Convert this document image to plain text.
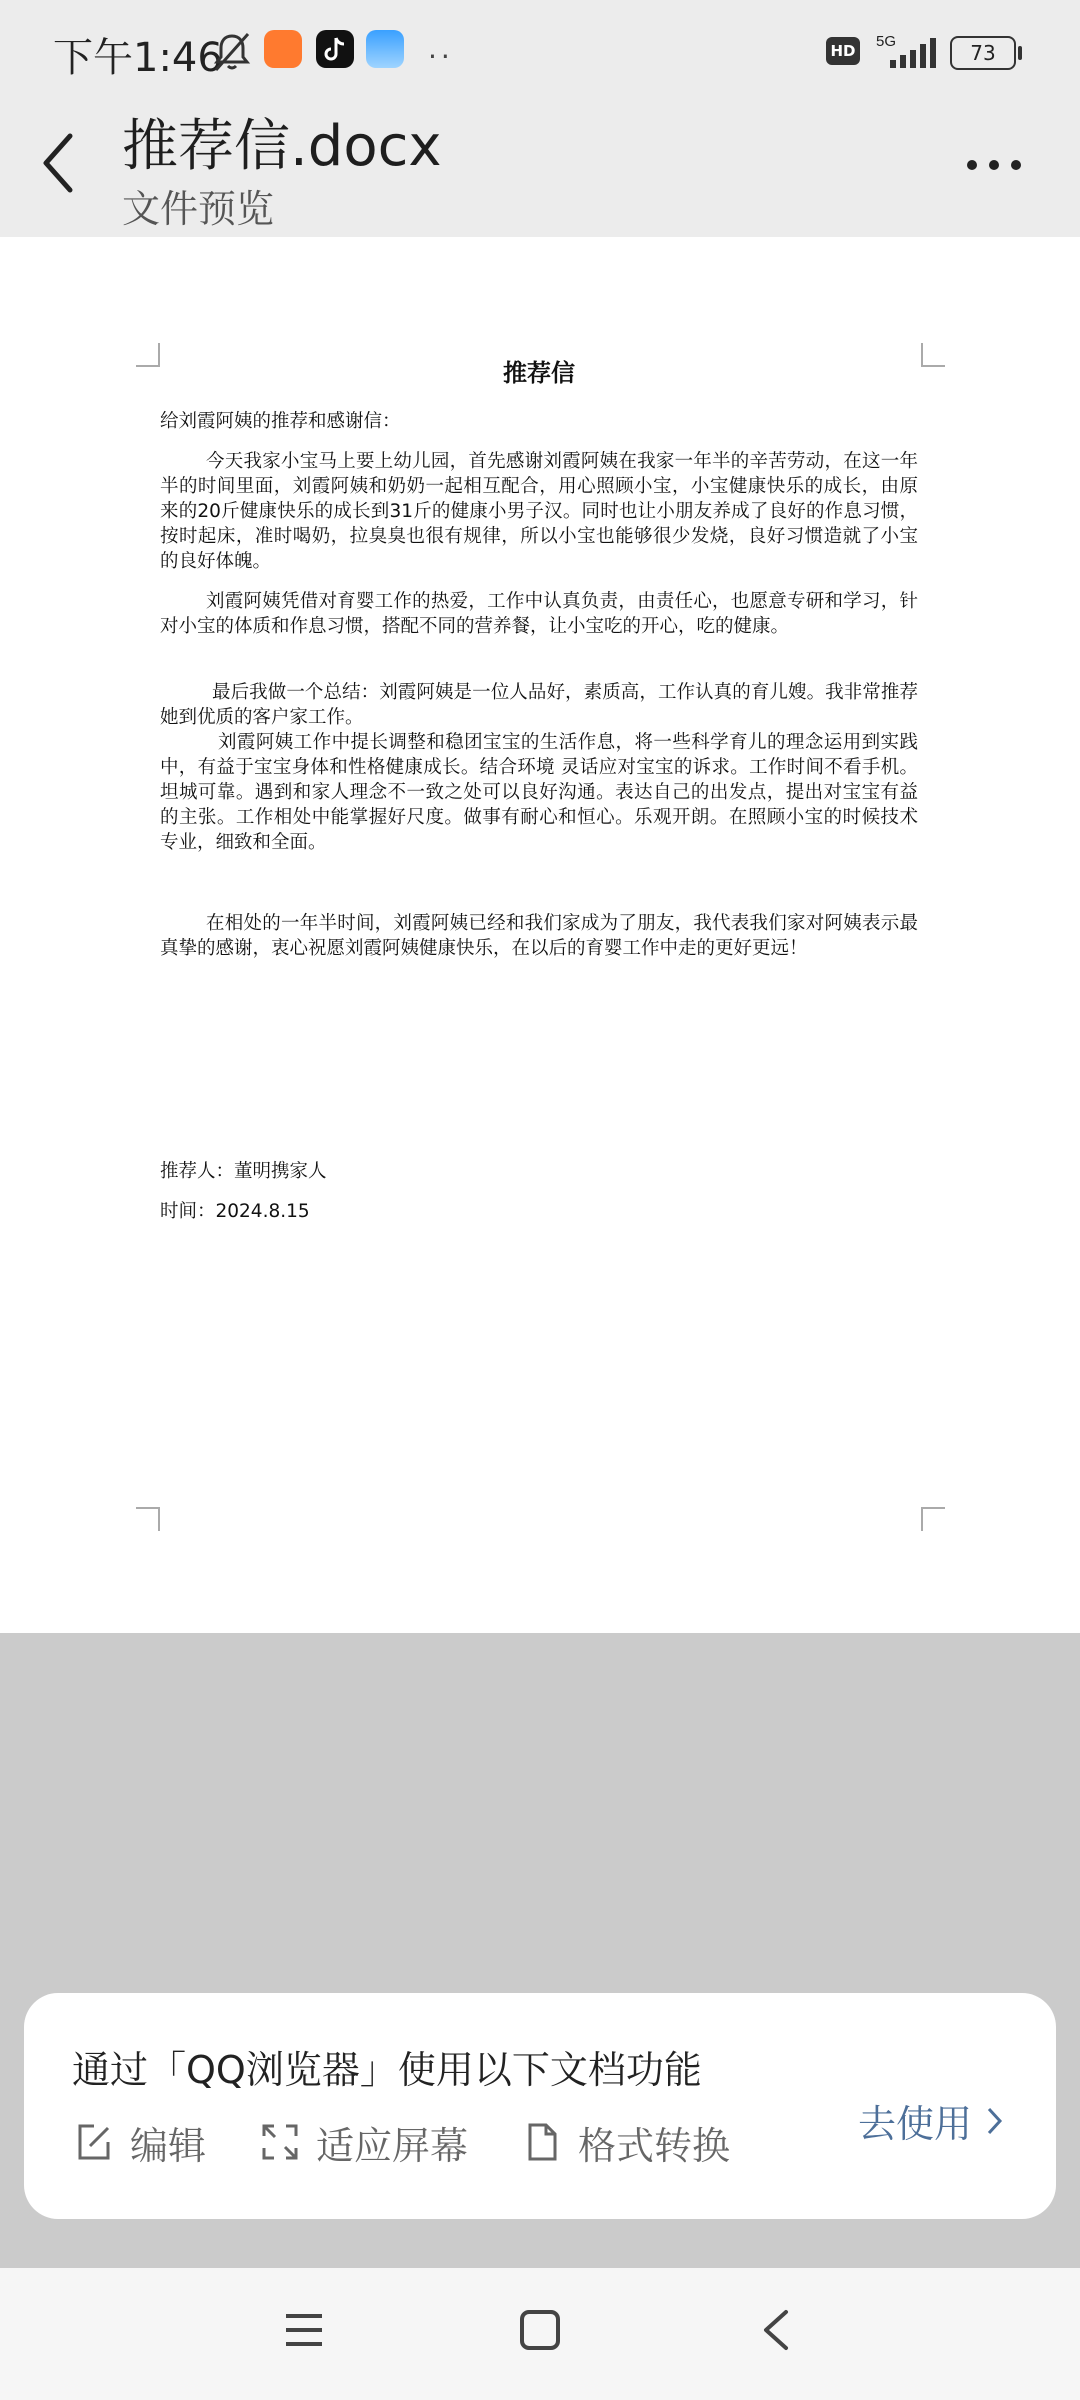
下午1:46	··	HD
5G	73
推荐信.docx
文件预览
推荐信
给刘霞阿姨的推荐和感谢信：
今天我家小宝马上要上幼儿园，首先感谢刘霞阿姨在我家一年半的辛苦劳动，在这一年半的时间里面，刘霞阿姨和奶奶一起相互配合，用心照顾小宝，小宝健康快乐的成长，由原来的20斤健康快乐的成长到31斤的健康小男子汉。同时也让小朋友养成了良好的作息习惯，按时起床，准时喝奶，拉臭臭也很有规律，所以小宝也能够很少发烧，良好习惯造就了小宝的良好体魄。
刘霞阿姨凭借对育婴工作的热爱，工作中认真负责，由责任心，也愿意专研和学习，针对小宝的体质和作息习惯，搭配不同的营养餐，让小宝吃的开心，吃的健康。
最后我做一个总结：刘霞阿姨是一位人品好，素质高，工作认真的育儿嫂。我非常推荐她到优质的客户家工作。
刘霞阿姨工作中提长调整和稳团宝宝的生活作息，将一些科学育儿的理念运用到实践中，有益于宝宝身体和性格健康成长。结合环境 灵话应对宝宝的诉求。工作时间不看手机。坦城可靠。遇到和家人理念不一致之处可以良好沟通。表达自己的出发点，提出对宝宝有益的主张。工作相处中能掌握好尺度。做事有耐心和恒心。乐观开朗。在照顾小宝的时候技术专业，细致和全面。
在相处的一年半时间，刘霞阿姨已经和我们家成为了朋友，我代表我们家对阿姨表示最真挚的感谢，衷心祝愿刘霞阿姨健康快乐，在以后的育婴工作中走的更好更远！
推荐人：董明携家人
时间：2024.8.15
通过「QQ浏览器」使用以下文档功能
编辑	适应屏幕	格式转换	去使用
